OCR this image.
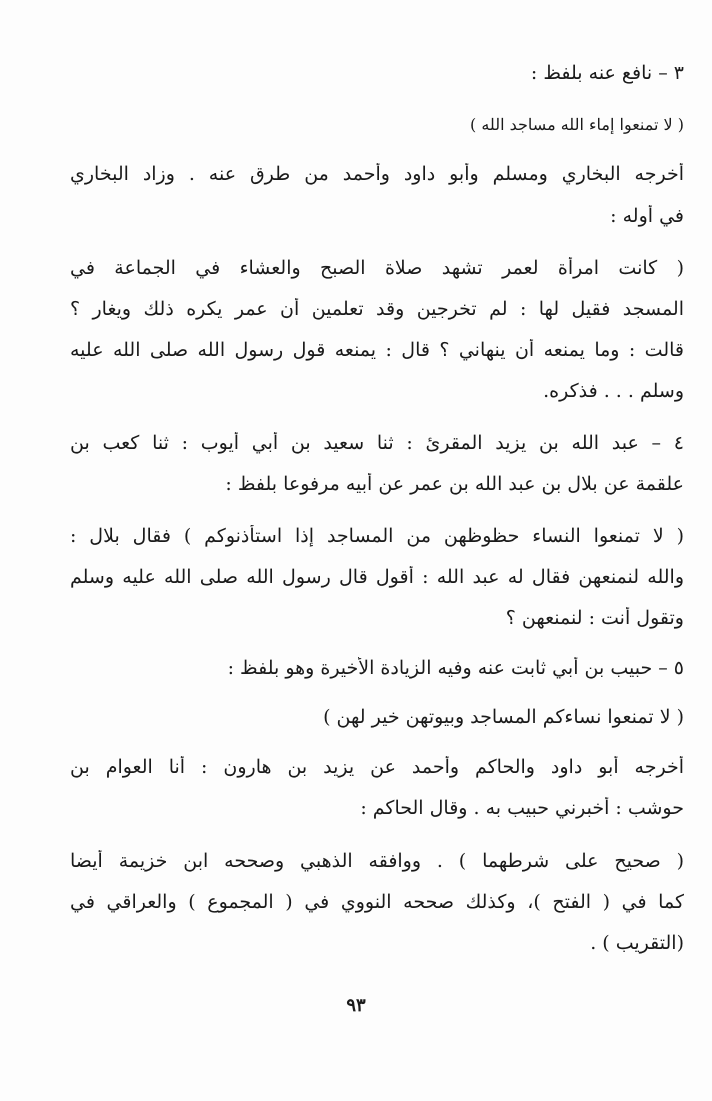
٣ – نافع عنه بلفظ :
( لا تمنعوا إماء الله مساجد الله )
أخرجه البخاري ومسلم وأبو داود وأحمد من طرق عنه . وزاد البخاري
في أوله :
( كانت امرأة لعمر تشهد صلاة الصبح والعشاء في الجماعة في
المسجد فقيل لها : لم تخرجين وقد تعلمين أن عمر يكره ذلك ويغار ؟
قالت : وما يمنعه أن ينهاني ؟ قال : يمنعه قول رسول الله صلى الله عليه
وسلم . . . فذكره.
٤ – عبد الله بن يزيد المقرئ : ثنا سعيد بن أبي أيوب : ثنا كعب بن
علقمة عن بلال بن عبد الله بن عمر عن أبيه مرفوعا بلفظ :
( لا تمنعوا النساء حظوظهن من المساجد إذا استأذنوكم ) فقال بلال :
والله لنمنعهن فقال له عبد الله : أقول قال رسول الله صلى الله عليه وسلم
وتقول أنت : لنمنعهن ؟
٥ – حبيب بن أبي ثابت عنه وفيه الزيادة الأخيرة وهو بلفظ :
( لا تمنعوا نساءكم المساجد وبيوتهن خير لهن )
أخرجه أبو داود والحاكم وأحمد عن يزيد بن هارون : أنا العوام بن
حوشب : أخبرني حبيب به . وقال الحاكم :
( صحيح على شرطهما ) . ووافقه الذهبي وصححه ابن خزيمة أيضا
كما في ( الفتح )، وكذلك صححه النووي في ( المجموع ) والعراقي في
(التقريب ) .
٩٣
